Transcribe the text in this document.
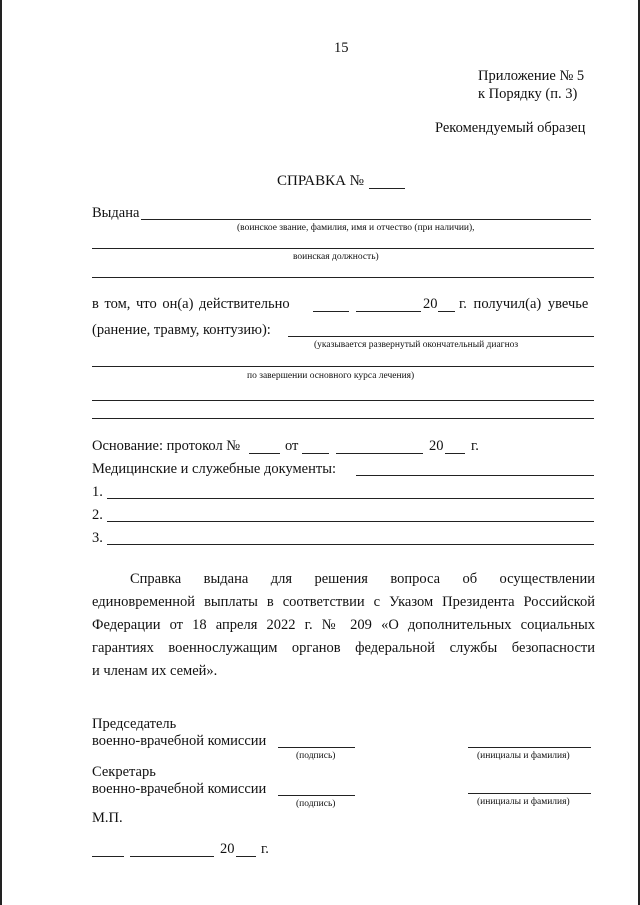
15
Приложение № 5
к Порядку (п. 3)
Рекомендуемый образец
СПРАВКА №
Выдана
(воинское звание, фамилия, имя и отчество (при наличии),
воинская должность)
в том, что он(а) действительно	20 г. получил(а) увечье
(ранение, травму, контузию):
(указывается развернутый окончательный диагноз
по завершении основного курса лечения)
Основание: протокол №	от	20 г.
Медицинские и служебные документы:
1.
2.
3.
Справка выдана для решения вопроса об осуществлении
единовременной выплаты в соответствии с Указом Президента Российской
Федерации от 18 апреля 2022 г. № 209 «О дополнительных социальных
гарантиях военнослужащим органов федеральной службы безопасности
и членам их семей».
Председатель
военно-врачебной комиссии
(подпись)	(инициалы и фамилия)
Секретарь
военно-врачебной комиссии
(подпись)	(инициалы и фамилия)
М.П.
20 г.
